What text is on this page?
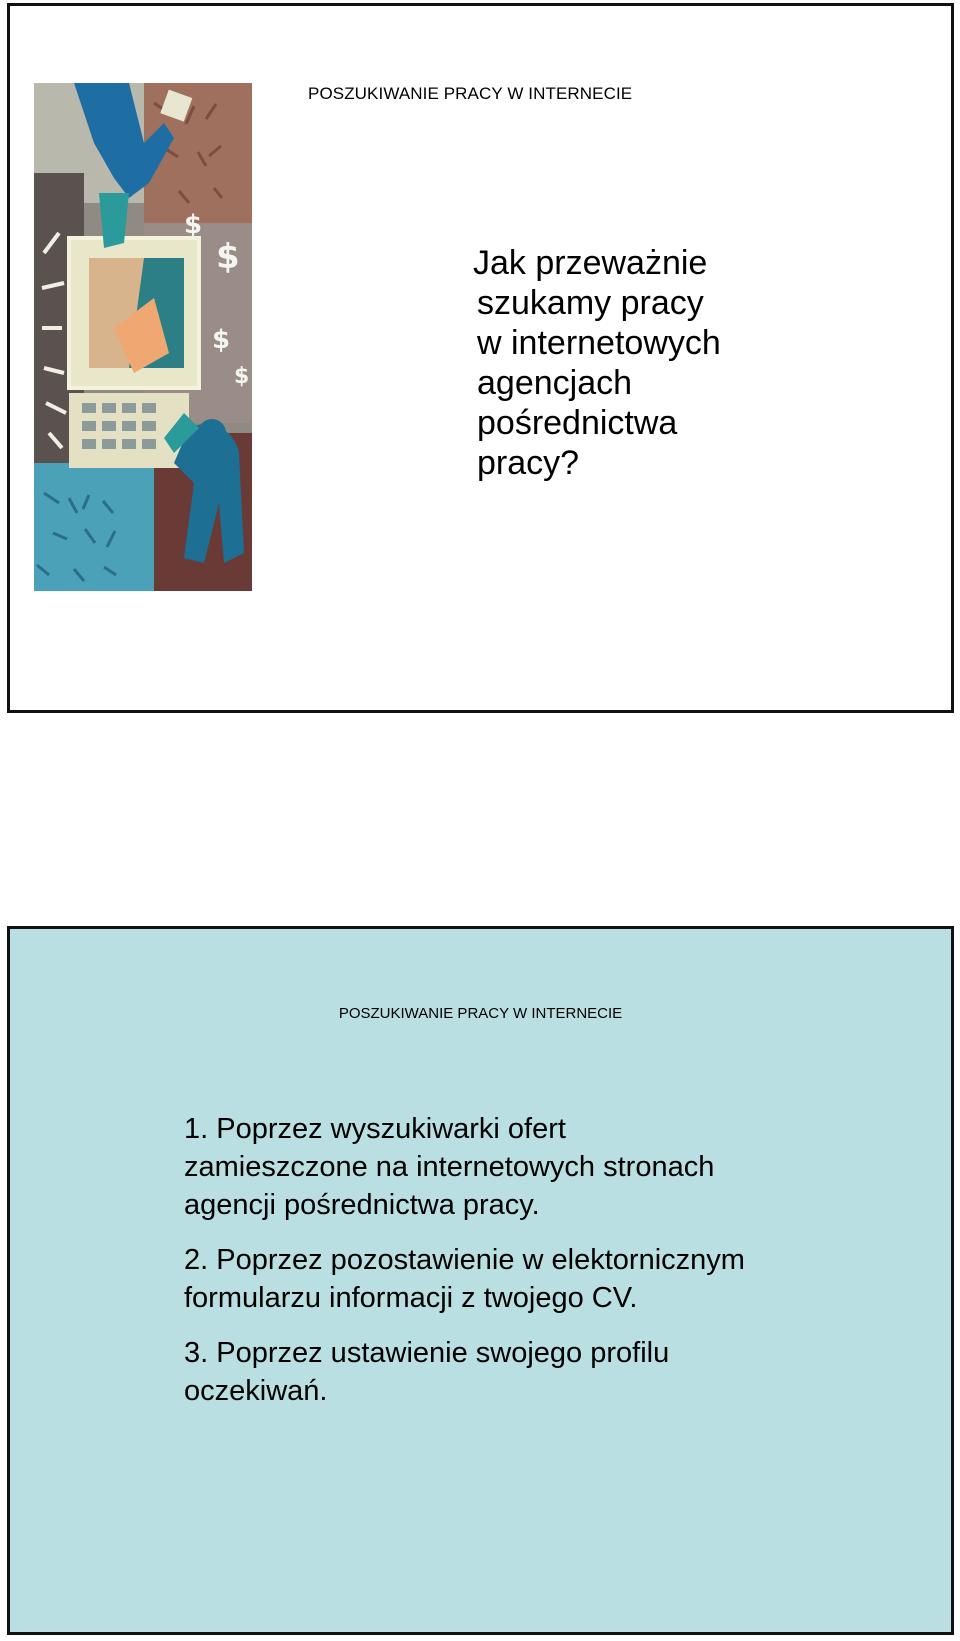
POSZUKIWANIE PRACY W INTERNECIE
$
$
$
$
Jak przeważnie
szukamy pracy
w internetowych
agencjach
pośrednictwa
pracy?
POSZUKIWANIE PRACY W INTERNECIE
1. Poprzez wyszukiwarki ofert
zamieszczone na internetowych stronach
agencji pośrednictwa pracy.
2. Poprzez pozostawienie w elektornicznym
formularzu informacji z twojego CV.
3. Poprzez ustawienie swojego profilu
oczekiwań.
